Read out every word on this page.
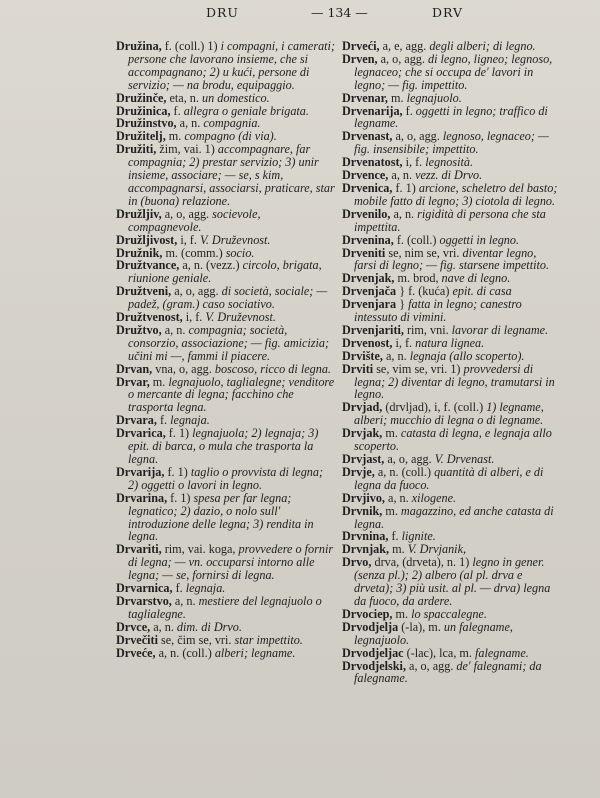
DRU	— 134 —	DRV

Družina, f. (coll.) 1) i compagni, i camerati; persone che lavorano insieme, che si accompagnano; 2) u kući, persone di servizio; — na brodu, equipaggio.

Družinče, eta, n. un domestico.

Družinica, f. allegra o geniale brigata.

Družinstvo, a, n. compagnia.

Družitelj, m. compagno (di via).

Družiti, žim, vai. 1) accompagnare, far compagnia; 2) prestar servizio; 3) unir insieme, associare; — se, s kim, accompagnarsi, associarsi, praticare, star in (buona) relazione.

Družljiv, a, o, agg. socievole, compagnevole.

Družljivost, i, f. V. Druževnost.

Družnik, m. (comm.) socio.

Družtvance, a, n. (vezz.) circolo, brigata, riunione geniale.

Družtveni, a, o, agg. di società, sociale; — padež, (gram.) caso sociativo.

Družtvenost, i, f. V. Druževnost.

Družtvo, a, n. compagnia; società, consorzio, associazione; — fig. amicizia; učini mi —, fammi il piacere.

Drvan, vna, o, agg. boscoso, ricco di legna.

Drvar, m. legnajuolo, taglialegne; venditore o mercante di legna; facchino che trasporta legna.

Drvara, f. legnaja.

Drvarica, f. 1) legnajuola; 2) legnaja; 3) epit. di barca, o mula che trasporta la legna.

Drvarija, f. 1) taglio o provvista di legna; 2) oggetti o lavori in legno.

Drvarina, f. 1) spesa per far legna; legnatico; 2) dazio, o nolo sull' introduzione delle legna; 3) rendita in legna.

Drvariti, rim, vai. koga, provvedere o fornir di legna; — vn. occuparsi intorno alle legna; — se, fornirsi di legna.

Drvarnica, f. legnaja.

Drvarstvo, a, n. mestiere del legnajuolo o taglialegne.

Drvce, a, n. dim. di Drvo.

Drvečiti se, čim se, vri. star impettito.

Drveće, a, n. (coll.) alberi; legname.

Drveći, a, e, agg. degli alberi; di legno.

Drven, a, o, agg. di legno, ligneo; legnoso, legnaceo; che si occupa de' lavori in legno; — fig. impettito.

Drvenar, m. legnajuolo.

Drvenarija, f. oggetti in legno; traffico di legname.

Drvenast, a, o, agg. legnoso, legnaceo; — fig. insensibile; impettito.

Drvenatost, i, f. legnosità.

Drvence, a, n. vezz. di Drvo.

Drvenica, f. 1) arcione, scheletro del basto; mobile fatto di legno; 3) ciotola di legno.

Drvenilo, a, n. rigidità di persona che sta impettita.

Drvenina, f. (coll.) oggetti in legno.

Drveniti se, nim se, vri. diventar legno, farsi di legno; — fig. starsene impettito.

Drvenjak, m. brod, nave di legno.

Drvenjača } f. (kuća) epit. di casa

Drvenjara } fatta in legno; canestro intessuto di vimini.

Drvenjariti, rim, vni. lavorar di legname.

Drvenost, i, f. natura lignea.

Drvište, a, n. legnaja (allo scoperto).

Drviti se, vim se, vri. 1) provvedersi di legna; 2) diventar di legno, tramutarsi in legno.

Drvjad, (drvljad), i, f. (coll.) 1) legname, alberi; mucchio di legna o di legname.

Drvjak, m. catasta di legna, e legnaja allo scoperto.

Drvjast, a, o, agg. V. Drvenast.

Drvje, a, n. (coll.) quantità di alberi, e di legna da fuoco.

Drvjivo, a, n. xilogene.

Drvnik, m. magazzino, ed anche catasta di legna.

Drvnina, f. lignite.

Drvnjak, m. V. Drvjanik,

Drvo, drva, (drveta), n. 1) legno in gener. (senza pl.); 2) albero (al pl. drva e drveta); 3) più usit. al pl. — drva) legna da fuoco, da ardere.

Drvociep, m. lo spaccalegne.

Drvodjelja (-la), m. un falegname, legnajuolo.

Drvodjeljac (-lac), lca, m. falegname.

Drvodjelski, a, o, agg. de' falegnami; da falegname.
